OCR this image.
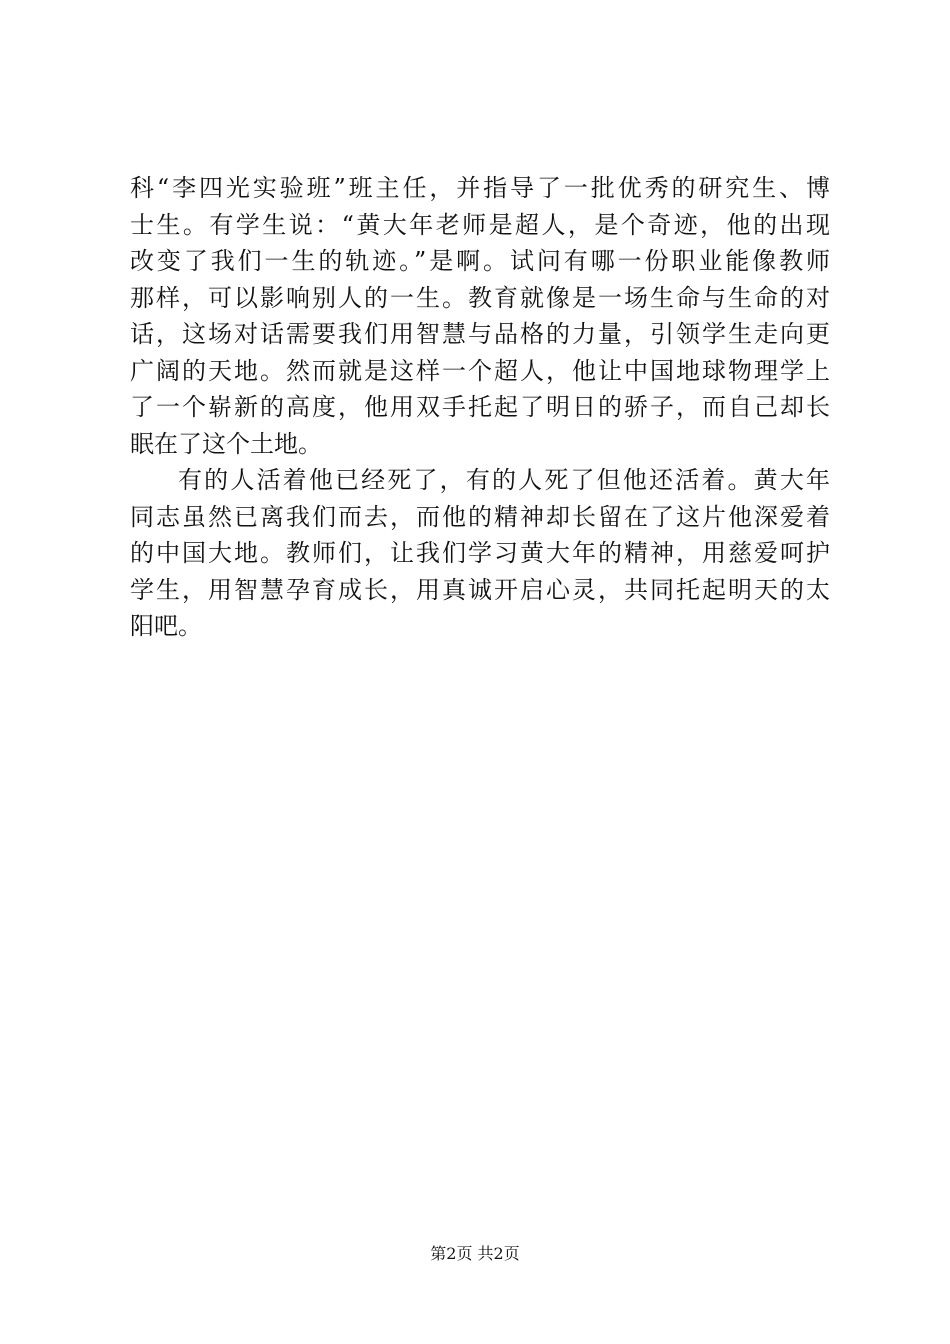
科“李四光实验班”班主任，并指导了一批优秀的研究生、博
士生。有学生说：“黄大年老师是超人，是个奇迹，他的出现
改变了我们一生的轨迹。”是啊。试问有哪一份职业能像教师
那样，可以影响别人的一生。教育就像是一场生命与生命的对
话，这场对话需要我们用智慧与品格的力量，引领学生走向更
广阔的天地。然而就是这样一个超人，他让中国地球物理学上
了一个崭新的高度，他用双手托起了明日的骄子，而自己却长
眠在了这个土地。
有的人活着他已经死了，有的人死了但他还活着。黄大年
同志虽然已离我们而去，而他的精神却长留在了这片他深爱着
的中国大地。教师们，让我们学习黄大年的精神，用慈爱呵护
学生，用智慧孕育成长，用真诚开启心灵，共同托起明天的太
阳吧。
第2页 共2页
